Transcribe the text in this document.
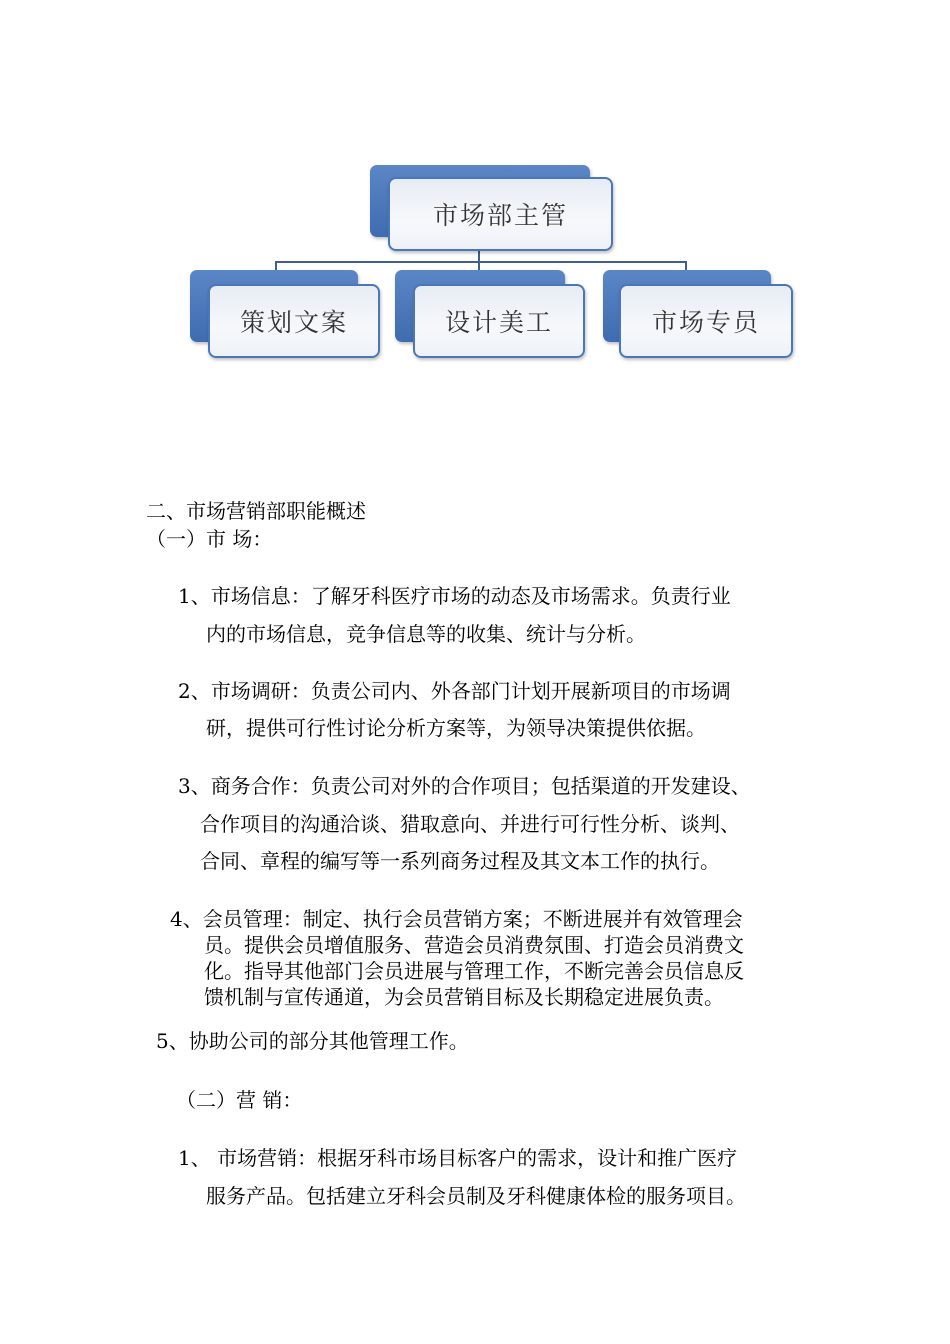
市场部主管
策划文案	设计美工	市场专员
二、市场营销部职能概述
（一）市 场：
1、市场信息：了解牙科医疗市场的动态及市场需求。负责行业
内的市场信息，竞争信息等的收集、统计与分析。
2、市场调研：负责公司内、外各部门计划开展新项目的市场调
研，提供可行性讨论分析方案等，为领导决策提供依据。
3、商务合作：负责公司对外的合作项目；包括渠道的开发建设、
合作项目的沟通洽谈、猎取意向、并进行可行性分析、谈判、
合同、章程的编写等一系列商务过程及其文本工作的执行。
4、会员管理：制定、执行会员营销方案；不断进展并有效管理会
员。提供会员增值服务、营造会员消费氛围、打造会员消费文
化。指导其他部门会员进展与管理工作，不断完善会员信息反
馈机制与宣传通道，为会员营销目标及长期稳定进展负责。
5、协助公司的部分其他管理工作。
（二）营 销：
1、 市场营销：根据牙科市场目标客户的需求，设计和推广医疗
服务产品。包括建立牙科会员制及牙科健康体检的服务项目。
